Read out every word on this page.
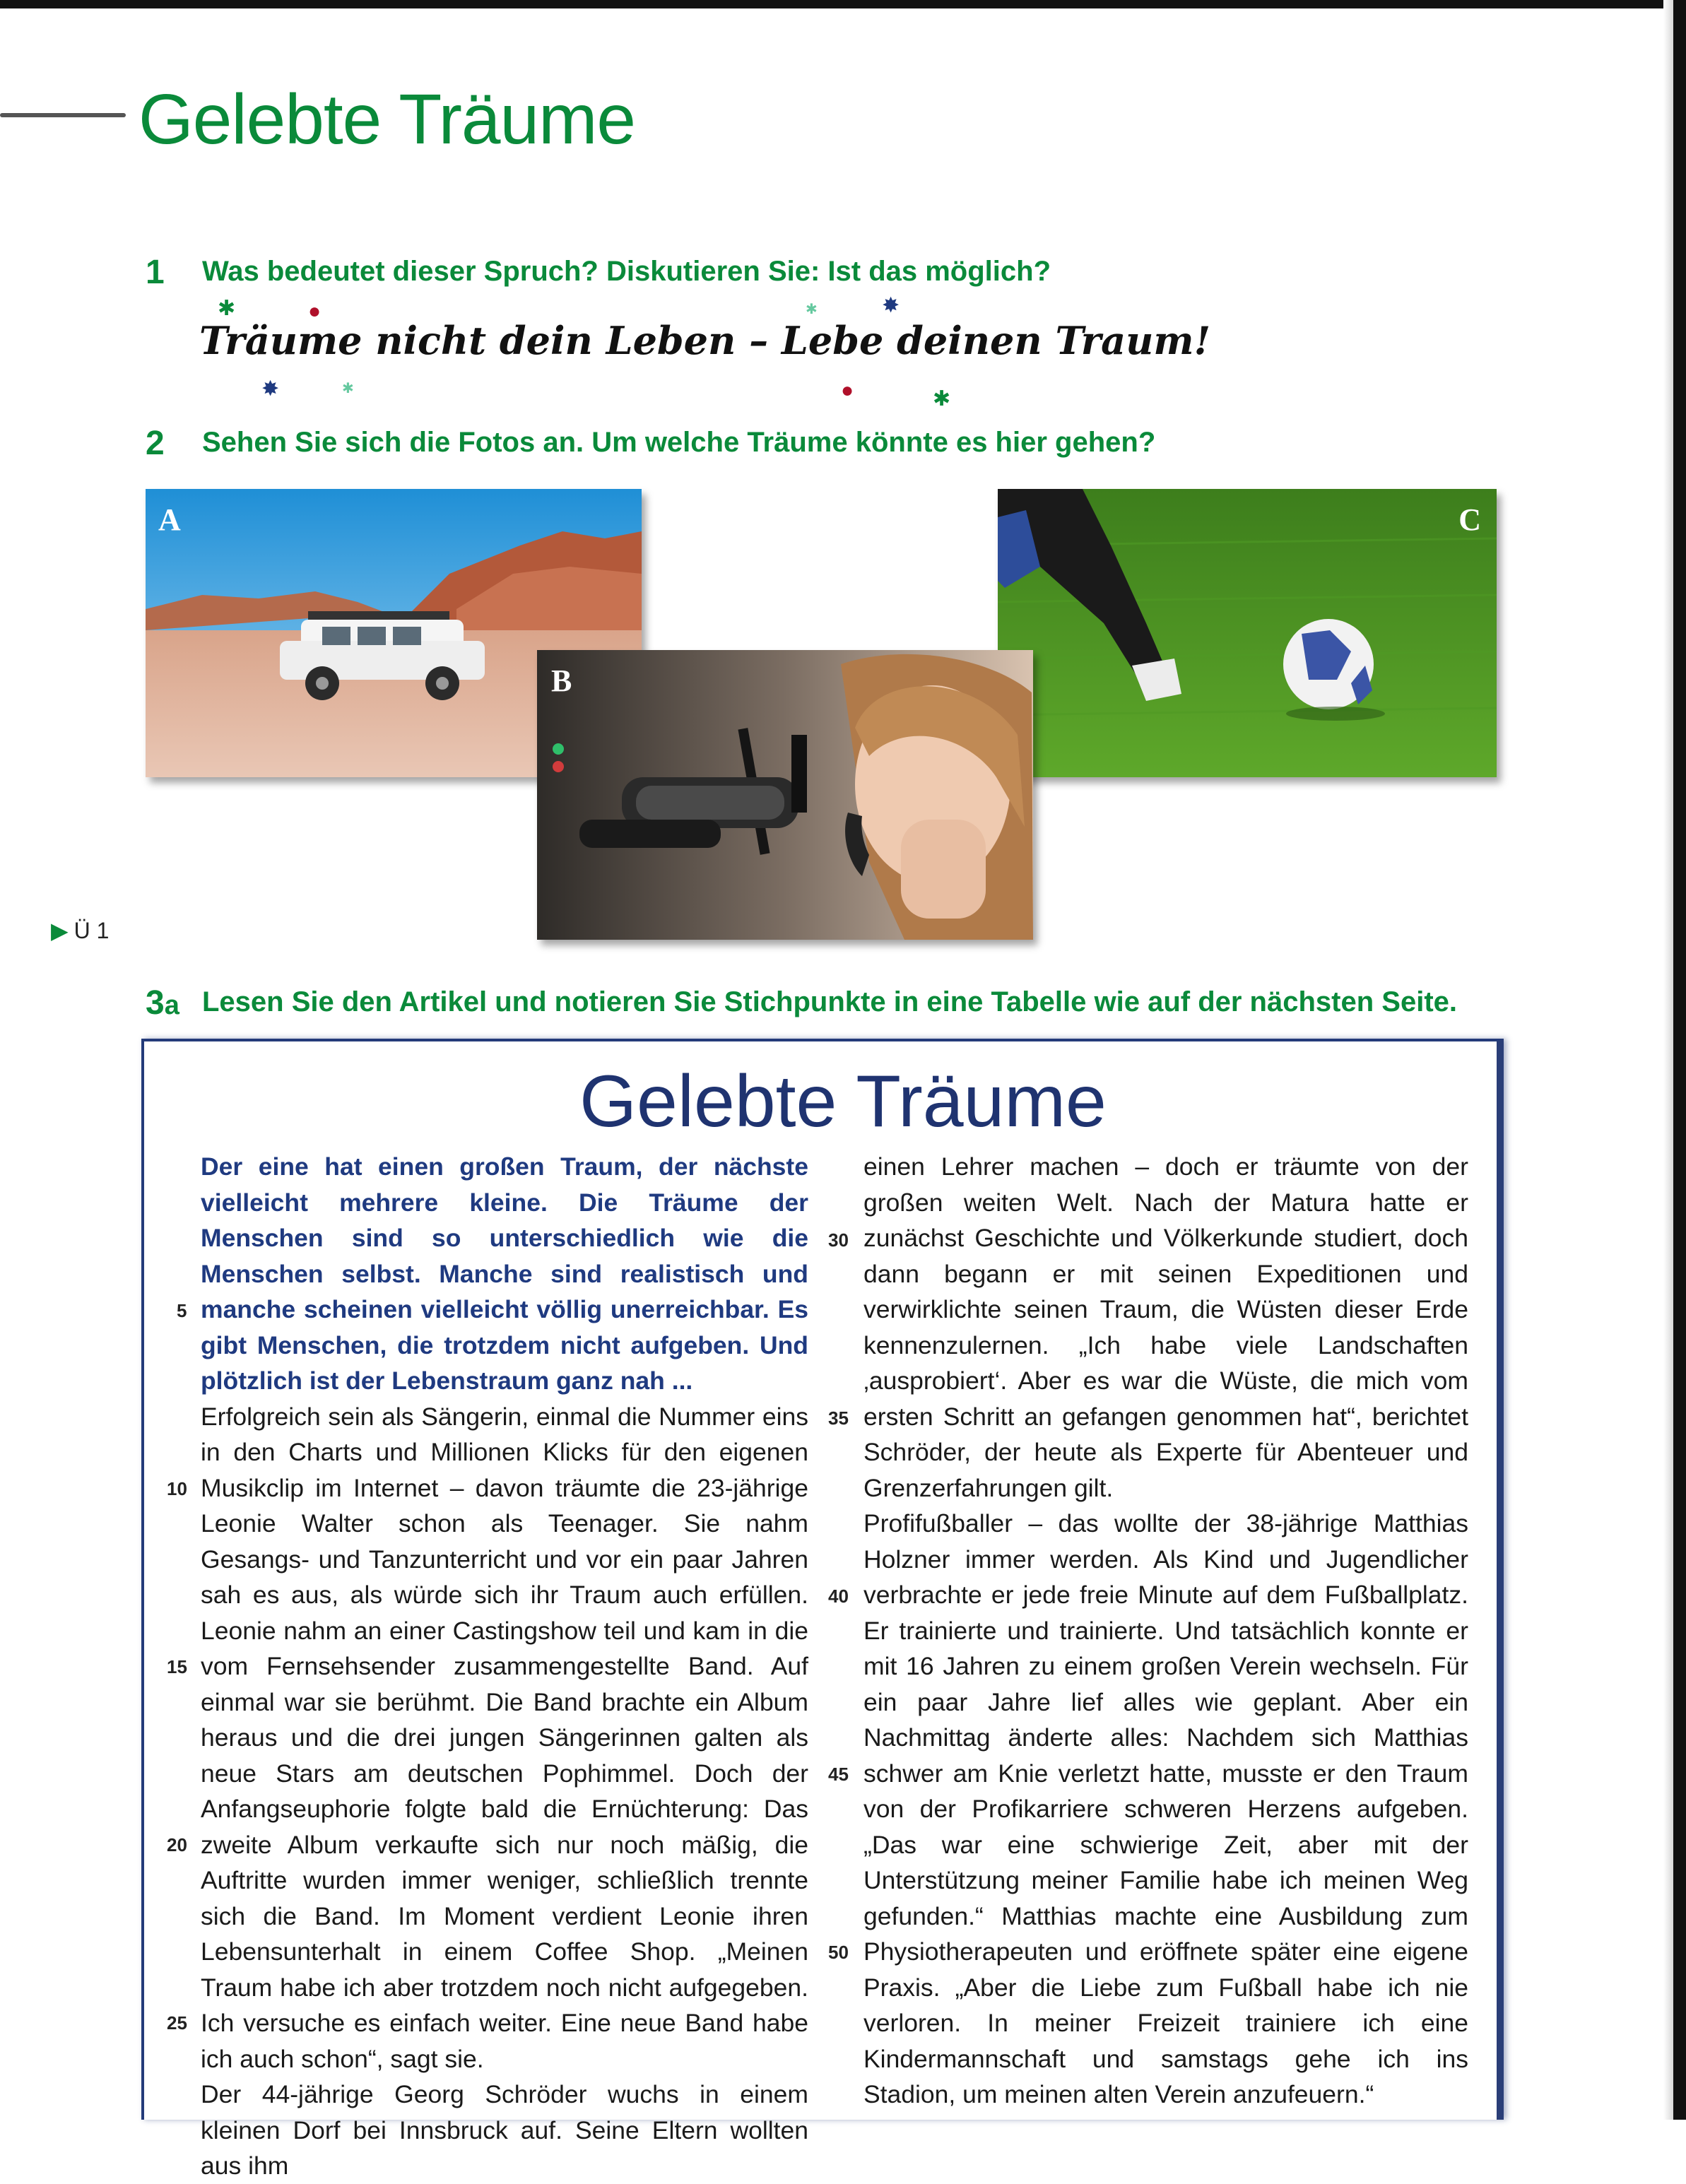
Gelebte Träume
1 Was bedeutet dieser Spruch? Diskutieren Sie: Ist das möglich?
✱	●	✱	✸
Träume nicht dein Leben – Lebe deinen Traum!
✸	✱	●	✱
2 Sehen Sie sich die Fotos an. Um welche Träume könnte es hier gehen?
A	C
B
▶ Ü 1
3a Lesen Sie den Artikel und notieren Sie Stichpunkte in eine Tabelle wie auf der nächsten Seite.
Gelebte Träume

Der eine hat einen großen Traum, der nächste vielleicht mehrere kleine. Die Träume der Menschen sind so unterschiedlich wie die Menschen selbst. Manche sind realistisch und manche scheinen vielleicht völlig unerreichbar. Es gibt Menschen, die trotzdem nicht aufgeben. Und plötzlich ist der Lebenstraum ganz nah ...

Erfolgreich sein als Sängerin, einmal die Nummer eins in den Charts und Millionen Klicks für den eigenen Musikclip im Internet – davon träumte die 23-jährige Leonie Walter schon als Teenager. Sie nahm Gesangs- und Tanzunterricht und vor ein paar Jahren sah es aus, als würde sich ihr Traum auch erfüllen. Leonie nahm an einer Castingshow teil und kam in die vom Fernsehsender zusammengestellte Band. Auf einmal war sie berühmt. Die Band brachte ein Album heraus und die drei jungen Sängerinnen galten als neue Stars am deutschen Pophimmel. Doch der Anfangseuphorie folgte bald die Ernüchterung: Das zweite Album verkaufte sich nur noch mäßig, die Auftritte wurden immer weniger, schließlich trennte sich die Band. Im Moment verdient Leonie ihren Lebensunterhalt in einem Coffee Shop. „Meinen Traum habe ich aber trotzdem noch nicht aufgegeben. Ich versuche es einfach weiter. Eine neue Band habe ich auch schon“, sagt sie.

Der 44-jährige Georg Schröder wuchs in einem kleinen Dorf bei Innsbruck auf. Seine Eltern wollten aus ihm

einen Lehrer machen – doch er träumte von der großen weiten Welt. Nach der Matura hatte er zunächst Geschichte und Völkerkunde studiert, doch dann begann er mit seinen Expeditionen und verwirklichte seinen Traum, die Wüsten dieser Erde kennenzulernen. „Ich habe viele Landschaften ‚ausprobiert‘. Aber es war die Wüste, die mich vom ersten Schritt an gefangen genommen hat“, berichtet Schröder, der heute als Experte für Abenteuer und Grenzerfahrungen gilt.

Profifußballer – das wollte der 38-jährige Matthias Holzner immer werden. Als Kind und Jugendlicher verbrachte er jede freie Minute auf dem Fußballplatz. Er trainierte und trainierte. Und tatsächlich konnte er mit 16 Jahren zu einem großen Verein wechseln. Für ein paar Jahre lief alles wie geplant. Aber ein Nachmittag änderte alles: Nachdem sich Matthias schwer am Knie verletzt hatte, musste er den Traum von der Profikarriere schweren Herzens aufgeben. „Das war eine schwierige Zeit, aber mit der Unterstützung meiner Familie habe ich meinen Weg gefunden.“ Matthias machte eine Ausbildung zum Physiotherapeuten und eröffnete später eine eigene Praxis. „Aber die Liebe zum Fußball habe ich nie verloren. In meiner Freizeit trainiere ich eine Kindermannschaft und samstags gehe ich ins Stadion, um meinen alten Verein anzufeuern.“

5
10
15
20
25
30
35
40
45
50
